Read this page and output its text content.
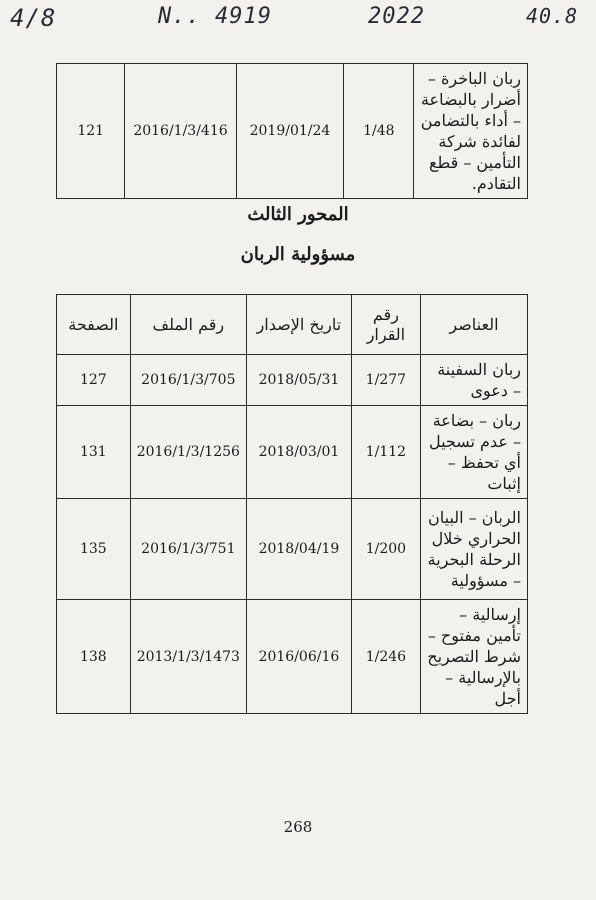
4/8	N.. 4919	2022	40.8
ربان الباخرة – أضرار بالبضاعة – أداء بالتضامن لفائدة شركة التأمين – قطع التقادم.	1/48	2019/01/24	2016/1/3/416	121
المحور الثالث
مسؤولية الربان
العناصر	رقم القرار	تاريخ الإصدار	رقم الملف	الصفحة
ربان السفينة – دعوى	1/277	2018/05/31	2016/1/3/705	127
ربان – بضاعة – عدم تسجيل أي تحفظ – إثبات	1/112	2018/03/01	2016/1/3/1256	131
الربان – البيان الحراري خلال الرحلة البحرية – مسؤولية	1/200	2018/04/19	2016/1/3/751	135
إرسالية – تأمين مفتوح – شرط التصريح بالإرسالية – أجل	1/246	2016/06/16	2013/1/3/1473	138
268
